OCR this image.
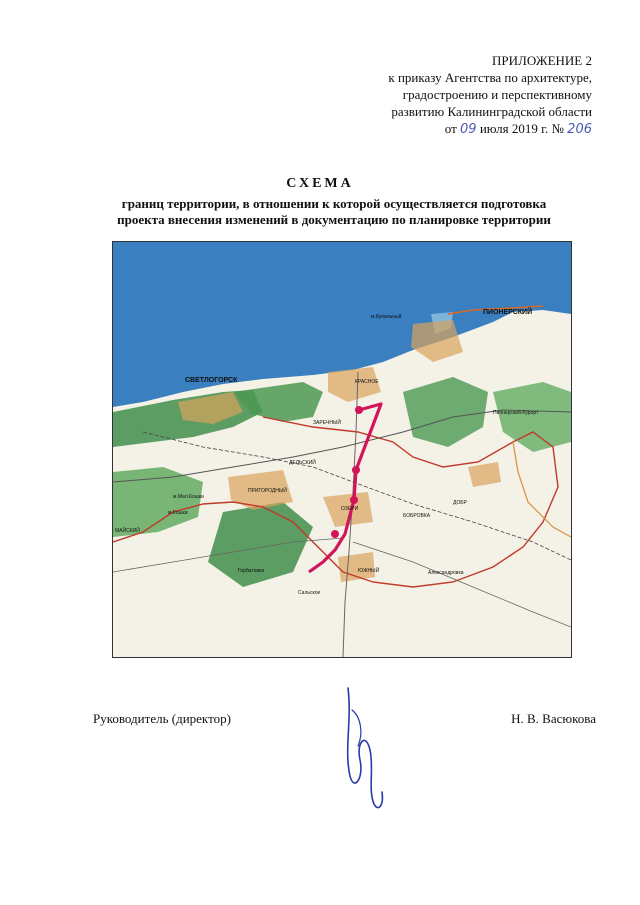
ПРИЛОЖЕНИЕ 2
к приказу Агентства по архитектуре,
градостроению и перспективному
развитию Калининградской области
от 09 июля 2019 г. № 206
СХЕМА
границ территории, в отношении к которой осуществляется подготовка
проекта внесения изменений в документацию по планировке территории
СВЕТЛОГОРСК
ПИОНЕРСКИЙ
м.Купальный
КРАСНОЕ
ЗАРЕЧНЫЙ
ДЕЛЬСКИЙ
ПРИГОРОДНЫЙ
ОЗЕРИ
БОБРОВКА
ДОБР
ЮЖНЫЙ
Пионерский-Курорт
Александровка
Горбатовка
Сальское
м.Мал.Кошки
м.Кошки
МАЙСКИЙ
Руководитель (директор)	Н. В. Васюкова
